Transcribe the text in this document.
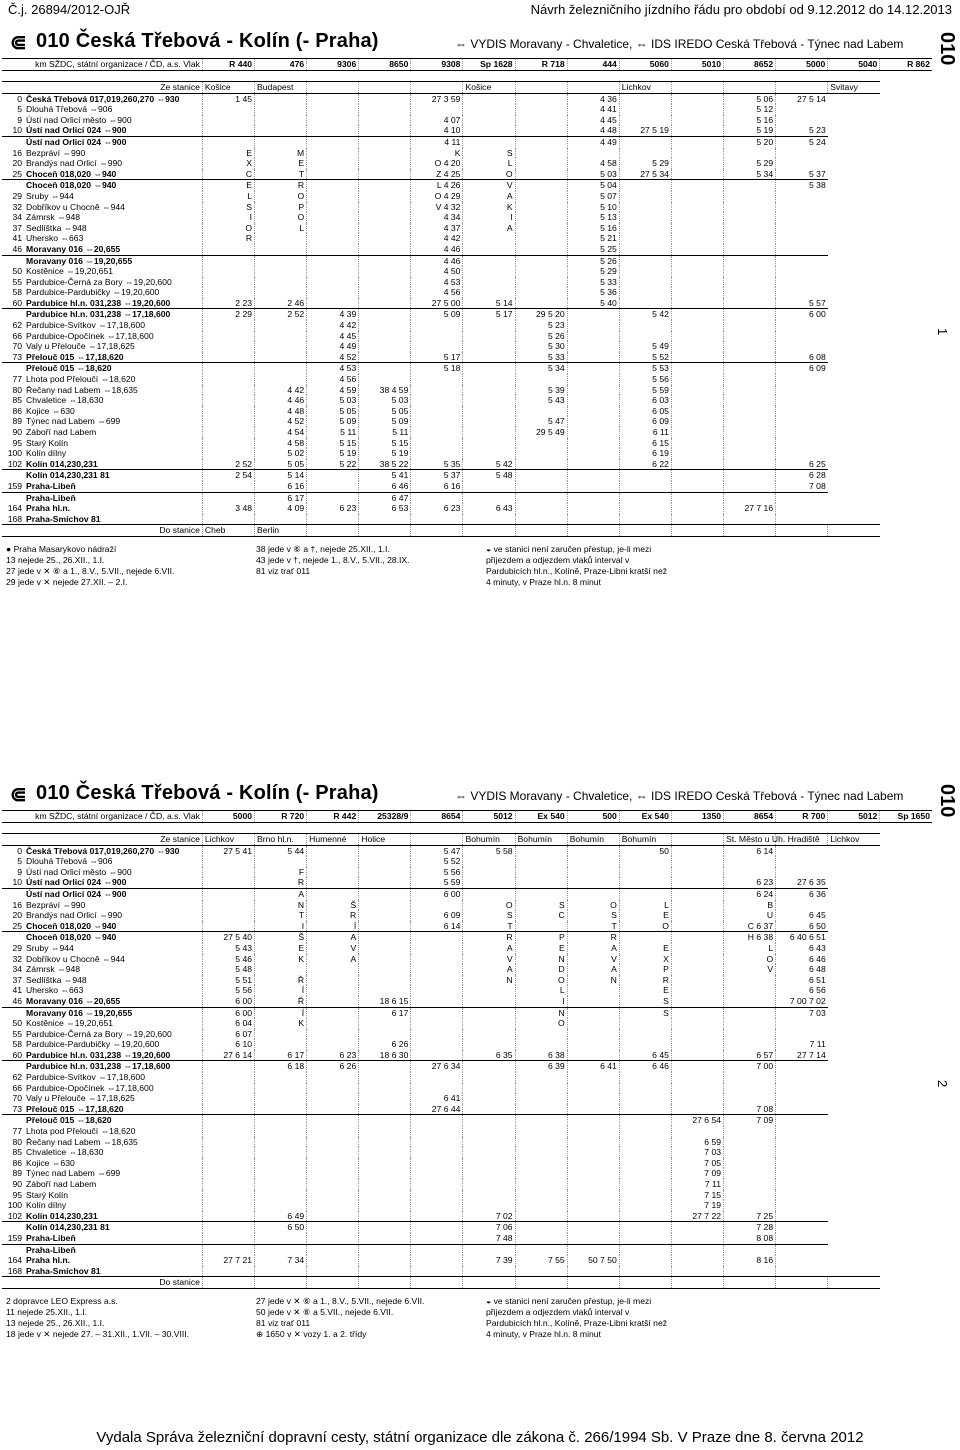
Č.j. 26894/2012-OJŘ	Návrh železničního jízdního řádu pro období od 9.12.2012 do 14.12.2013
⋐ 010 Česká Třebová - Kolín (- Praha)	⇔ VYDIS Moravany - Chvaletice, ⇔ IDS IREDO Ceská Třebová - Týnec nad Labem 010
1
km SŽDC, státní organizace / ČD, a.s. Vlak		R 440	476	9306	8650	9308	Sp 1628	R 718	444	5060	5010	8652	5000	5040	R 862

	Ze stanice	Košice	Budapest				Košice			Lichkov				Svitavy	
0	Česká Třebová 017,019,260,270 ⇔930	1 45				27 3 59			4 36			5 06	27 5 14		
5	Dlouhá Třebová ⇔906								4 41			5 12			
9	Ústí nad Orlicí město ⇔900					4 07			4 45			5 16			
10	Ústí nad Orlicí 024 ⇔900					4 10			4 48	27 5 19		5 19	5 23		
	Ústí nad Orlicí 024 ⇔900					4 11			4 49			5 20	5 24		
16	Bezpráví ⇔990	E	M			K	S								
20	Brandýs nad Orlicí ⇔990	X	E			O 4 20	L		4 58	5 29		5 29			
25	Choceň 018,020 ⇔940	C	T			Z 4 25	O		5 03	27 5 34		5 34	5 37		
	Choceň 018,020 ⇔940	E	R			L 4 26	V		5 04				5 38		
29	Sruby ⇔944	L	O			O 4 29	A		5 07						
32	Dobříkov u Chocně ⇔944	S	P			V 4 32	K		5 10						
34	Zámrsk ⇔948	I	O			4 34	I		5 13						
37	Sedlíštka ⇔948	O	L			4 37	A		5 16						
41	Uhersko ⇔663	R				4 42			5 21						
46	Moravany 016 ⇔20,655					4 46			5 25						
	Moravany 016 ⇔19,20,655					4 46			5 26						
50	Kostěnice ⇔19,20,651					4 50			5 29						
55	Pardubice-Černá za Bory ⇔19,20,600					4 53			5 33						
58	Pardubice-Pardubičky ⇔19,20,600					4 56			5 36						
60	Pardubice hl.n. 031,238 ⇔19,20,600	2 23	2 46			27 5 00	5 14		5 40				5 57		
	Pardubice hl.n. 031,238 ⇔17,18,600	2 29	2 52	4 39		5 09	5 17	29 5 20		5 42			6 00		
62	Pardubice-Svítkov ⇔17,18,600			4 42				5 23							
66	Pardubice-Opočínek ⇔17,18,600			4 45				5 26							
70	Valy u Přelouče ⇔17,18,625			4 49				5 30		5 49					
73	Přelouč 015 ⇔17,18,620			4 52		5 17		5 33		5 52			6 08		
	Přelouč 015 ⇔18,620			4 53		5 18		5 34		5 53			6 09		
77	Lhota pod Přeloučí ⇔18,620			4 56						5 56					
80	Řečany nad Labem ⇔18,635		4 42	4 59	38 4 59			5 39		5 59					
85	Chvaletice ⇔18,630		4 46	5 03	5 03			5 43		6 03					
86	Kojice ⇔630		4 48	5 05	5 05					6 05					
89	Týnec nad Labem ⇔699		4 52	5 09	5 09			5 47		6 09					
90	Záboří nad Labem		4 54	5 11	5 11			29 5 49		6 11					
95	Starý Kolín		4 58	5 15	5 15					6 15					
100	Kolín dílny		5 02	5 19	5 19					6 19					
102	Kolín 014,230,231	2 52	5 05	5 22	38 5 22	5 35	5 42			6 22			6 25		
	Kolín 014,230,231 81	2 54	5 14		5 41	5 37	5 48						6 28		
159	Praha-Libeň		6 16		6 46	6 16							7 08		
	Praha-Libeň		6 17		6 47										
164	Praha hl.n.	3 48	4 09	6 23	6 53	6 23	6 43					27 7 16			
168	Praha-Smíchov 81														
	Do stanice	Cheb	Berlin												
● Praha Masarykovo nádraží
13 nejede 25., 26.XII., 1.I.
27 jede v ✕ ⑥ a 1., 8.V., 5.VII., nejede 6.VII.
29 jede v ✕ nejede 27.XII. – 2.I.
38 jede v ⑥ a †, nejede 25.XII., 1.I.
43 jede v †, nejede 1., 8.V., 5.VII., 28.IX.
81 viz trať 011
◒ ve stanici není zaručen přestup, je-li mezi
přijezdem a odjezdem vlaků interval v
Pardubicích hl.n., Kolíně, Praze-Libni kratší než
4 minuty, v Praze hl.n. 8 minut
⋐ 010 Česká Třebová - Kolín (- Praha)	⇔ VYDIS Moravany - Chvaletice, ⇔ IDS IREDO Ceská Třebová - Týnec nad Labem 010
2
km SŽDC, státní organizace / ČD, a.s. Vlak		5000	R 720	R 442	25328/9	8654	5012	Ex 540	500	Ex 540	1350	8654	R 700	5012	Sp 1650

	Ze stanice	Lichkov	Brno hl.n.	Humenné	Holice		Bohumín	Bohumín	Bohumín	Bohumín		St. Město u Uh. Hradiště		Lichkov	
0	Česká Třebová 017,019,260,270 ⇔930	27 5 41	5 44			5 47	5 58			50		6 14			
5	Dlouhá Třebová ⇔906					5 52									
9	Ústí nad Orlicí město ⇔900		F			5 56									
10	Ústí nad Orlicí 024 ⇔900		R			5 59						6 23	27 6 35		
	Ústí nad Orlicí 024 ⇔900		A			6 00						6 24	6 36		
16	Bezpráví ⇔990		N	Š			O	S	O	L		B			
20	Brandýs nad Orlicí ⇔990		T	R		6 09	S	C	S	E		U	6 45		
25	Choceň 018,020 ⇔940		I	Í		6 14	T		T	O		C 6 37	6 50		
	Choceň 018,020 ⇔940	27 5 40	Š	A			R	P	R			H 6 38	6 40 6 51		
29	Sruby ⇔944	5 43	E	V			A	E	A	E		L	6 43		
32	Dobříkov u Chocně ⇔944	5 46	K	A			V	N	V	X		O	6 46		
34	Zámrsk ⇔948	5 48					A	D	A	P		V	6 48		
37	Sedlíštka ⇔948	5 51	Ř				N	O	N	R			6 51		
41	Uhersko ⇔663	5 56	Í					L		E			6 56		
46	Moravany 016 ⇔20,655	6 00	Ř		18 6 15			I		S			7 00 7 02		
	Moravany 016 ⇔19,20,655	6 00	Í		6 17			N		S			7 03		
50	Kostěnice ⇔19,20,651	6 04	K					O							
55	Pardubice-Černá za Bory ⇔19,20,600	6 07													
58	Pardubice-Pardubičky ⇔19,20,600	6 10			6 26								7 11		
60	Pardubice hl.n. 031,238 ⇔19,20,600	27 6 14	6 17	6 23	18 6 30		6 35	6 38		6 45		6 57	27 7 14		
	Pardubice hl.n. 031,238 ⇔17,18,600		6 18	6 26		27 6 34		6 39	6 41	6 46		7 00			
62	Pardubice-Svítkov ⇔17,18,600														
66	Pardubice-Opočínek ⇔17,18,600														
70	Valy u Přelouče ⇔17,18,625					6 41									
73	Přelouč 015 ⇔17,18,620					27 6 44						7 08			
	Přelouč 015 ⇔18,620										27 6 54	7 09			
77	Lhota pod Přeloučí ⇔18,620														
80	Řečany nad Labem ⇔18,635										6 59				
85	Chvaletice ⇔18,630										7 03				
86	Kojice ⇔630										7 05				
89	Týnec nad Labem ⇔699										7 09				
90	Záboří nad Labem										7 11				
95	Starý Kolín										7 15				
100	Kolín dílny										7 19				
102	Kolín 014,230,231		6 49				7 02				27 7 22	7 25			
	Kolín 014,230,231 81		6 50				7 06					7 28			
159	Praha-Libeň						7 48					8 08			
	Praha-Libeň														
164	Praha hl.n.	27 7 21	7 34				7 39	7 55	50 7 50			8 16			
168	Praha-Smíchov 81														
	Do stanice														
2 dopravce LEO Express a.s.
11 nejede 25.XII., 1.I.
13 nejede 25., 26.XII., 1.I.
18 jede v ✕ nejede 27. – 31.XII., 1.VII. – 30.VIII.
27 jede v ✕ ⑥ a 1., 8.V., 5.VII., nejede 6.VII.
50 jede v ✕ ⑥ a 5.VII., nejede 6.VII.
81 viz trať 011
⊕ 1650 v ✕ vozy 1. a 2. třídy
◒ ve stanici není zaručen přestup, je-li mezi
přijezdem a odjezdem vlaků interval v
Pardubicích hl.n., Kolíně, Praze-Libni kratší než
4 minuty, v Praze hl.n. 8 minut
Vydala Správa železniční dopravní cesty, státní organizace dle zákona č. 266/1994 Sb. V Praze dne 8. června 2012
